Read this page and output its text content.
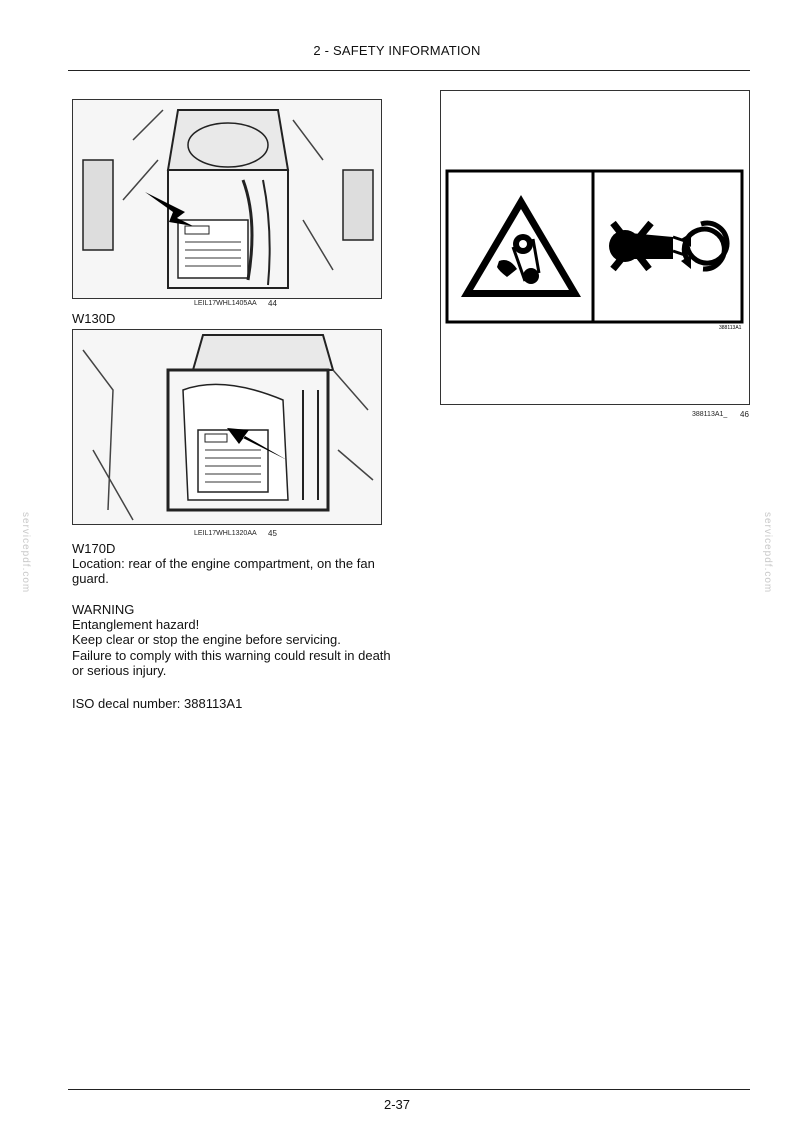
2 - SAFETY INFORMATION
servicepdf.com	servicepdf.com
LEIL17WHL1405AA 44
W130D
LEIL17WHL1320AA 45
W170D
Location: rear of the engine compartment, on the fan guard.
WARNING
Entanglement hazard!
Keep clear or stop the engine before servicing.
Failure to comply with this warning could result in death or serious injury.
ISO decal number: 388113A1
388113A1
388113A1_ 46
2-37
